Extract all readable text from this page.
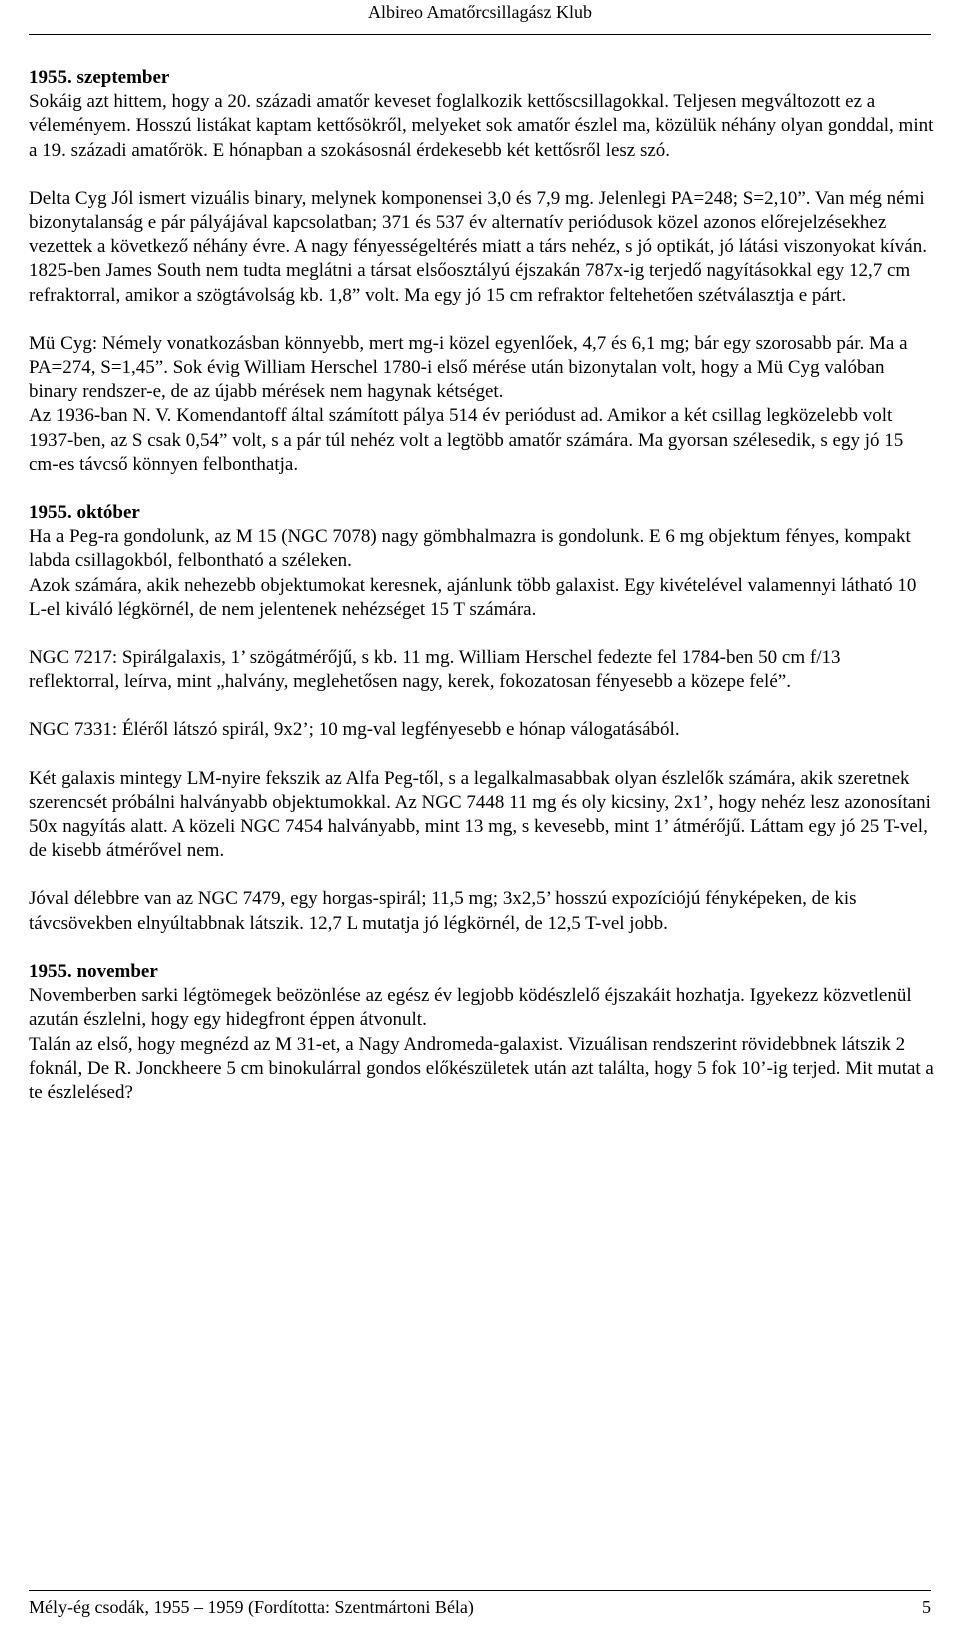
Albireo Amatőrcsillagász Klub

1955. szeptember

Sokáig azt hittem, hogy a 20. századi amatőr keveset foglalkozik kettőscsillagokkal. Teljesen megváltozott ez a véleményem. Hosszú listákat kaptam kettősökről, melyeket sok amatőr észlel ma, közülük néhány olyan gonddal, mint a 19. századi amatőrök. E hónapban a szokásosnál érdekesebb két kettősről lesz szó.

Delta Cyg Jól ismert vizuális binary, melynek komponensei 3,0 és 7,9 mg. Jelenlegi PA=248; S=2,10”. Van még némi bizonytalanság e pár pályájával kapcsolatban; 371 és 537 év alternatív periódusok közel azonos előrejelzésekhez vezettek a következő néhány évre. A nagy fényességeltérés miatt a társ nehéz, s jó optikát, jó látási viszonyokat kíván. 1825-ben James South nem tudta meglátni a társat elsőosztályú éjszakán 787x-ig terjedő nagyításokkal egy 12,7 cm refraktorral, amikor a szögtávolság kb. 1,8” volt. Ma egy jó 15 cm refraktor feltehetően szétválasztja e párt.

Mü Cyg: Némely vonatkozásban könnyebb, mert mg-i közel egyenlőek, 4,7 és 6,1 mg; bár egy szorosabb pár. Ma a PA=274, S=1,45”. Sok évig William Herschel 1780-i első mérése után bizonytalan volt, hogy a Mü Cyg valóban binary rendszer-e, de az újabb mérések nem hagynak kétséget.

Az 1936-ban N. V. Komendantoff által számított pálya 514 év periódust ad. Amikor a két csillag legközelebb volt 1937-ben, az S csak 0,54” volt, s a pár túl nehéz volt a legtöbb amatőr számára. Ma gyorsan szélesedik, s egy jó 15 cm-es távcső könnyen felbonthatja.

1955. október

Ha a Peg-ra gondolunk, az M 15 (NGC 7078) nagy gömbhalmazra is gondolunk. E 6 mg objektum fényes, kompakt labda csillagokból, felbontható a széleken.

Azok számára, akik nehezebb objektumokat keresnek, ajánlunk több galaxist. Egy kivételével valamennyi látható 10 L-el kiváló légkörnél, de nem jelentenek nehézséget 15 T számára.

NGC 7217: Spirálgalaxis, 1’ szögátmérőjű, s kb. 11 mg. William Herschel fedezte fel 1784-ben 50 cm f/13 reflektorral, leírva, mint „halvány, meglehetősen nagy, kerek, fokozatosan fényesebb a közepe felé”.

NGC 7331: Éléről látszó spirál, 9x2’; 10 mg-val legfényesebb e hónap válogatásából.

Két galaxis mintegy LM-nyire fekszik az Alfa Peg-től, s a legalkalmasabbak olyan észlelők számára, akik szeretnek szerencsét próbálni halványabb objektumokkal. Az NGC 7448 11 mg és oly kicsiny, 2x1’, hogy nehéz lesz azonosítani 50x nagyítás alatt. A közeli NGC 7454 halványabb, mint 13 mg, s kevesebb, mint 1’ átmérőjű. Láttam egy jó 25 T-vel, de kisebb átmérővel nem.

Jóval délebbre van az NGC 7479, egy horgas-spirál; 11,5 mg; 3x2,5’ hosszú expozíciójú fényképeken, de kis távcsövekben elnyúltabbnak látszik. 12,7 L mutatja jó légkörnél, de 12,5 T-vel jobb.

1955. november

Novemberben sarki légtömegek beözönlése az egész év legjobb ködészlelő éjszakáit hozhatja. Igyekezz közvetlenül azután észlelni, hogy egy hidegfront éppen átvonult.

Talán az első, hogy megnézd az M 31-et, a Nagy Andromeda-galaxist. Vizuálisan rendszerint rövidebbnek látszik 2 foknál, De R. Jonckheere 5 cm binokulárral gondos előkészületek után azt találta, hogy 5 fok 10’-ig terjed. Mit mutat a te észlelésed?

Mély-ég csodák, 1955 – 1959 (Fordította: Szentmártoni Béla)	5
